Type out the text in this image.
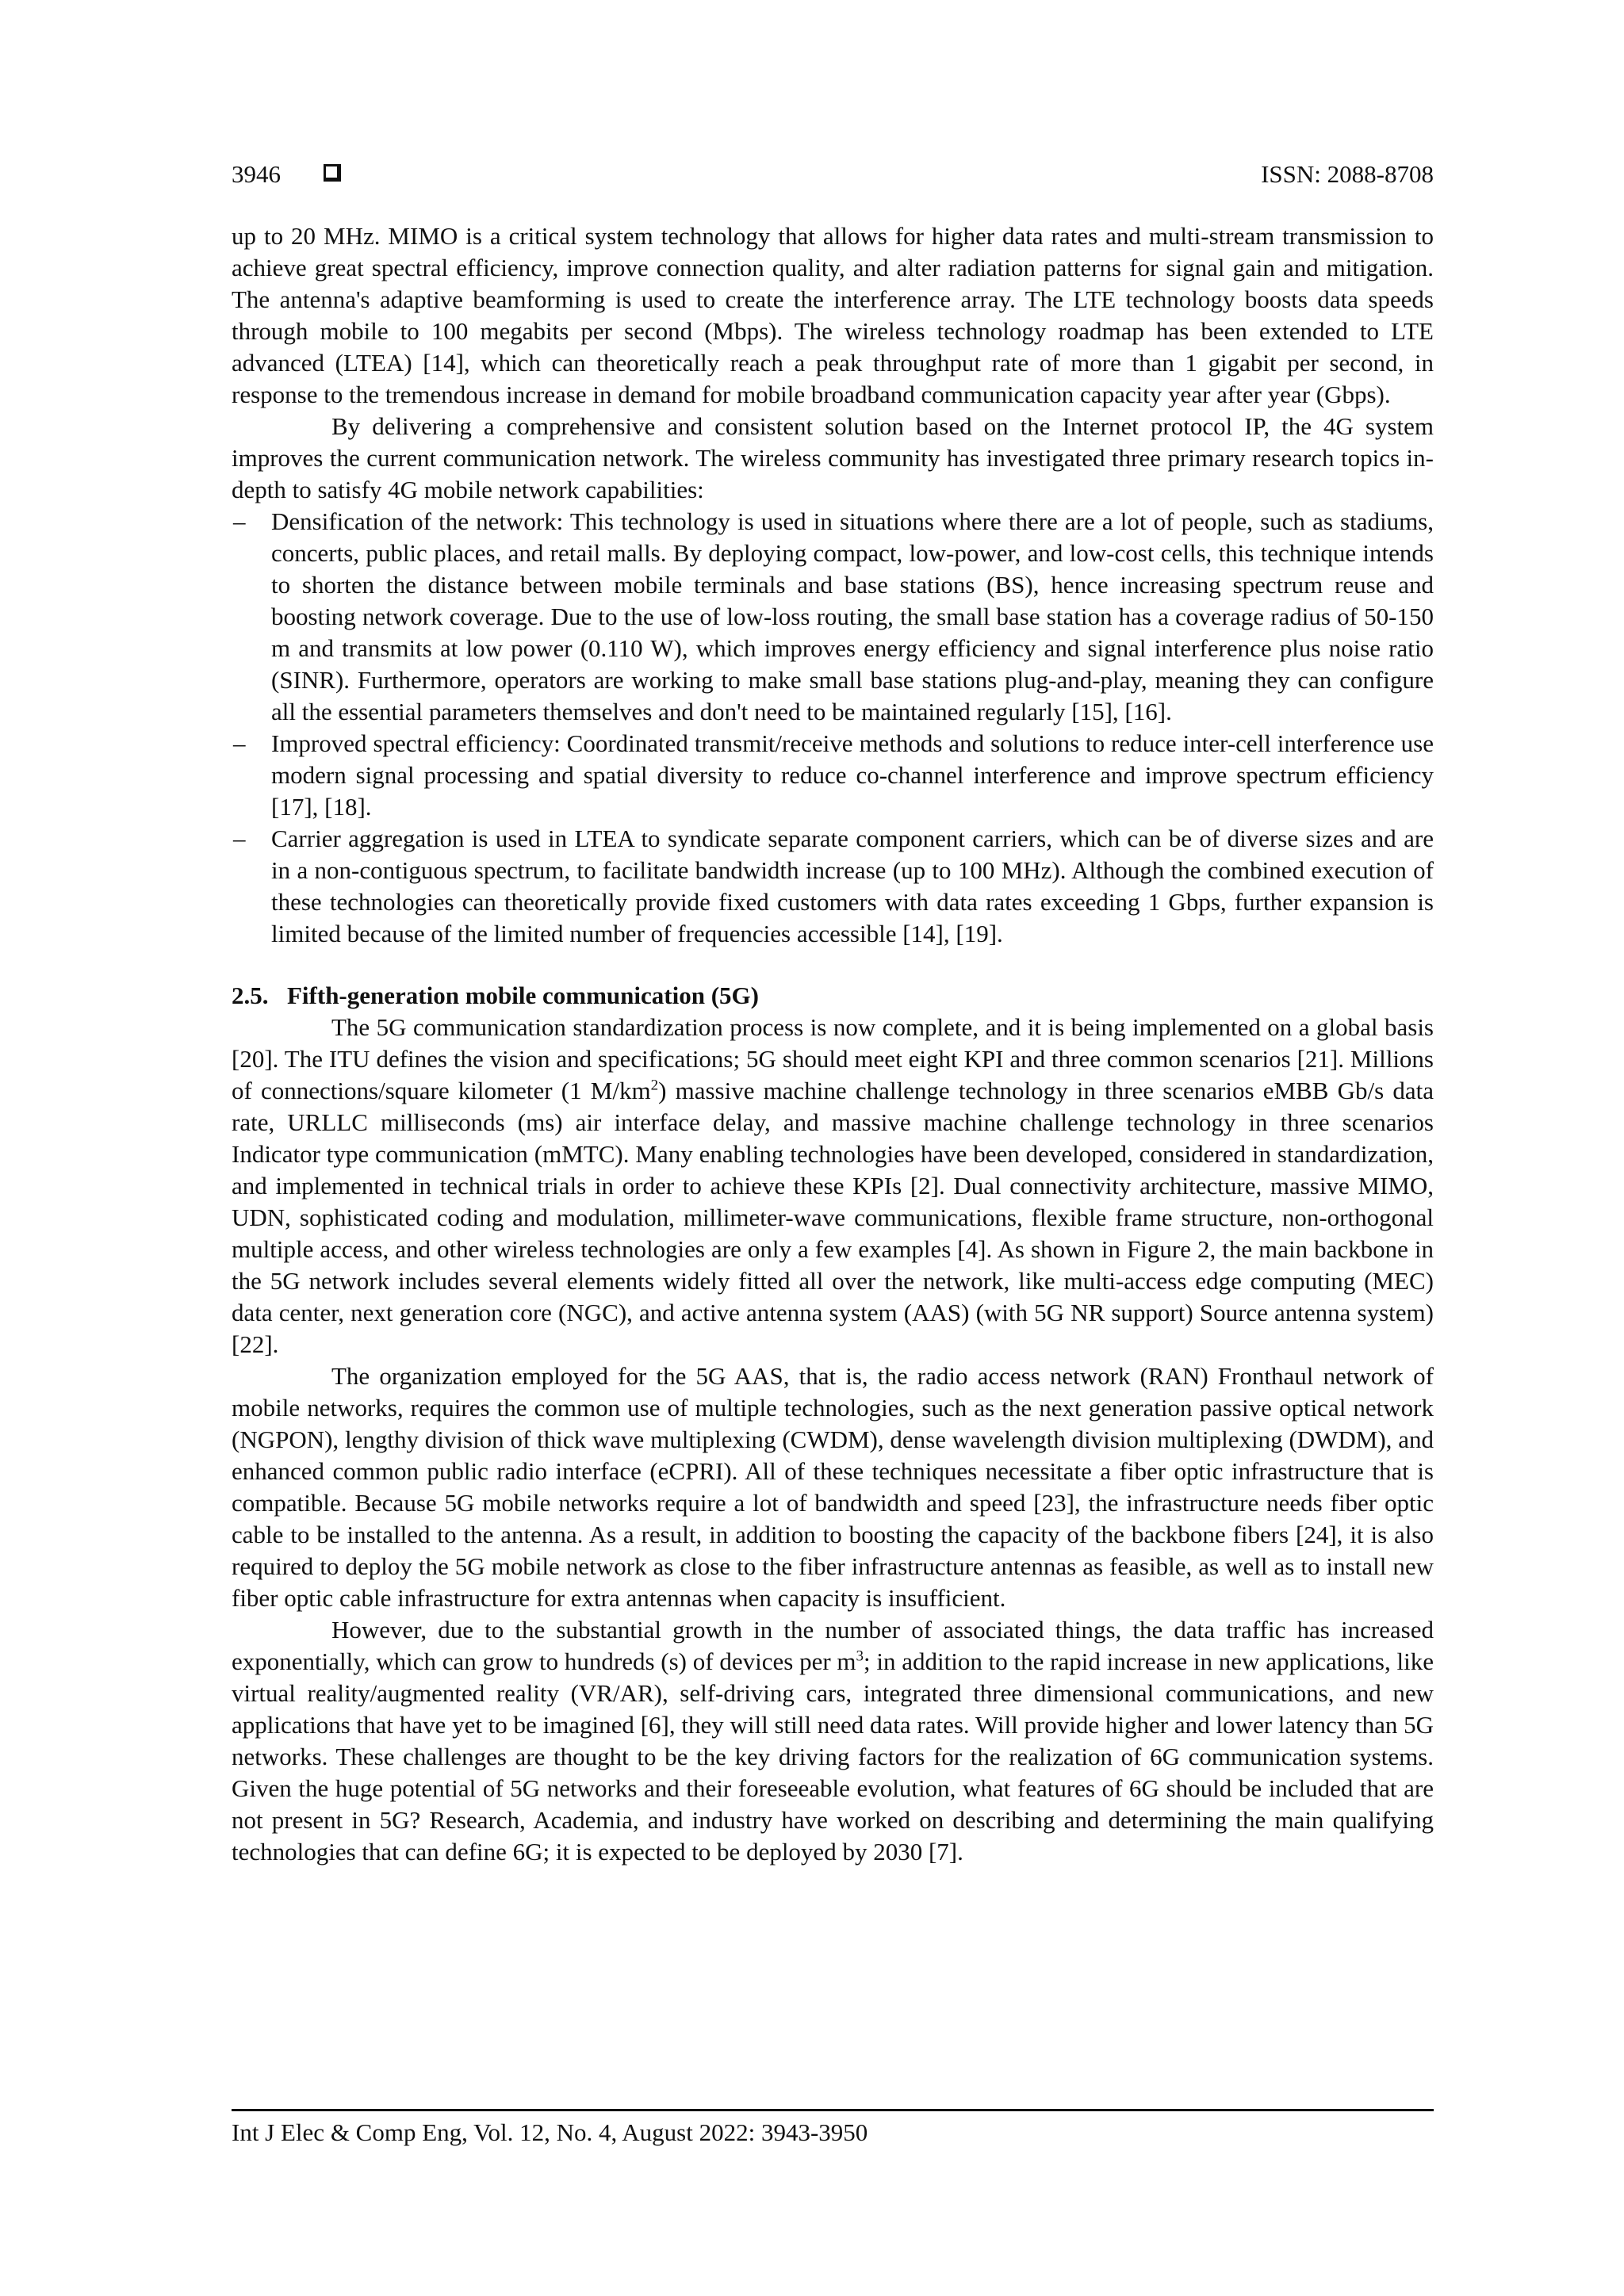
3946	ISSN: 2088-8708

up to 20 MHz. MIMO is a critical system technology that allows for higher data rates and multi-stream transmission to achieve great spectral efficiency, improve connection quality, and alter radiation patterns for signal gain and mitigation. The antenna's adaptive beamforming is used to create the interference array. The LTE technology boosts data speeds through mobile to 100 megabits per second (Mbps). The wireless technology roadmap has been extended to LTE advanced (LTEA) [14], which can theoretically reach a peak throughput rate of more than 1 gigabit per second, in response to the tremendous increase in demand for mobile broadband communication capacity year after year (Gbps).

By delivering a comprehensive and consistent solution based on the Internet protocol IP, the 4G system improves the current communication network. The wireless community has investigated three primary research topics in-depth to satisfy 4G mobile network capabilities:

– Densification of the network: This technology is used in situations where there are a lot of people, such as stadiums, concerts, public places, and retail malls. By deploying compact, low-power, and low-cost cells, this technique intends to shorten the distance between mobile terminals and base stations (BS), hence increasing spectrum reuse and boosting network coverage. Due to the use of low-loss routing, the small base station has a coverage radius of 50-150 m and transmits at low power (0.110 W), which improves energy efficiency and signal interference plus noise ratio (SINR). Furthermore, operators are working to make small base stations plug-and-play, meaning they can configure all the essential parameters themselves and don't need to be maintained regularly [15], [16].
– Improved spectral efficiency: Coordinated transmit/receive methods and solutions to reduce inter-cell interference use modern signal processing and spatial diversity to reduce co-channel interference and improve spectrum efficiency [17], [18].
– Carrier aggregation is used in LTEA to syndicate separate component carriers, which can be of diverse sizes and are in a non-contiguous spectrum, to facilitate bandwidth increase (up to 100 MHz). Although the combined execution of these technologies can theoretically provide fixed customers with data rates exceeding 1 Gbps, further expansion is limited because of the limited number of frequencies accessible [14], [19].
2.5. Fifth-generation mobile communication (5G)

The 5G communication standardization process is now complete, and it is being implemented on a global basis [20]. The ITU defines the vision and specifications; 5G should meet eight KPI and three common scenarios [21]. Millions of connections/square kilometer (1 $M/km^2$) massive machine challenge technology in three scenarios eMBB Gb/s data rate, URLLC milliseconds (ms) air interface delay, and massive machine challenge technology in three scenarios Indicator type communication (mMTC). Many enabling technologies have been developed, considered in standardization, and implemented in technical trials in order to achieve these KPIs [2]. Dual connectivity architecture, massive MIMO, UDN, sophisticated coding and modulation, millimeter-wave communications, flexible frame structure, non-orthogonal multiple access, and other wireless technologies are only a few examples [4]. As shown in Figure 2, the main backbone in the 5G network includes several elements widely fitted all over the network, like multi-access edge computing (MEC) data center, next generation core (NGC), and active antenna system (AAS) (with 5G NR support) Source antenna system) [22].

The organization employed for the 5G AAS, that is, the radio access network (RAN) Fronthaul network of mobile networks, requires the common use of multiple technologies, such as the next generation passive optical network (NGPON), lengthy division of thick wave multiplexing (CWDM), dense wavelength division multiplexing (DWDM), and enhanced common public radio interface (eCPRI). All of these techniques necessitate a fiber optic infrastructure that is compatible. Because 5G mobile networks require a lot of bandwidth and speed [23], the infrastructure needs fiber optic cable to be installed to the antenna. As a result, in addition to boosting the capacity of the backbone fibers [24], it is also required to deploy the 5G mobile network as close to the fiber infrastructure antennas as feasible, as well as to install new fiber optic cable infrastructure for extra antennas when capacity is insufficient.

However, due to the substantial growth in the number of associated things, the data traffic has increased exponentially, which can grow to hundreds (s) of devices per $m^3$; in addition to the rapid increase in new applications, like virtual reality/augmented reality (VR/AR), self-driving cars, integrated three dimensional communications, and new applications that have yet to be imagined [6], they will still need data rates. Will provide higher and lower latency than 5G networks. These challenges are thought to be the key driving factors for the realization of 6G communication systems. Given the huge potential of 5G networks and their foreseeable evolution, what features of 6G should be included that are not present in 5G? Research, Academia, and industry have worked on describing and determining the main qualifying technologies that can define 6G; it is expected to be deployed by 2030 [7].

Int J Elec & Comp Eng, Vol. 12, No. 4, August 2022: 3943-3950
